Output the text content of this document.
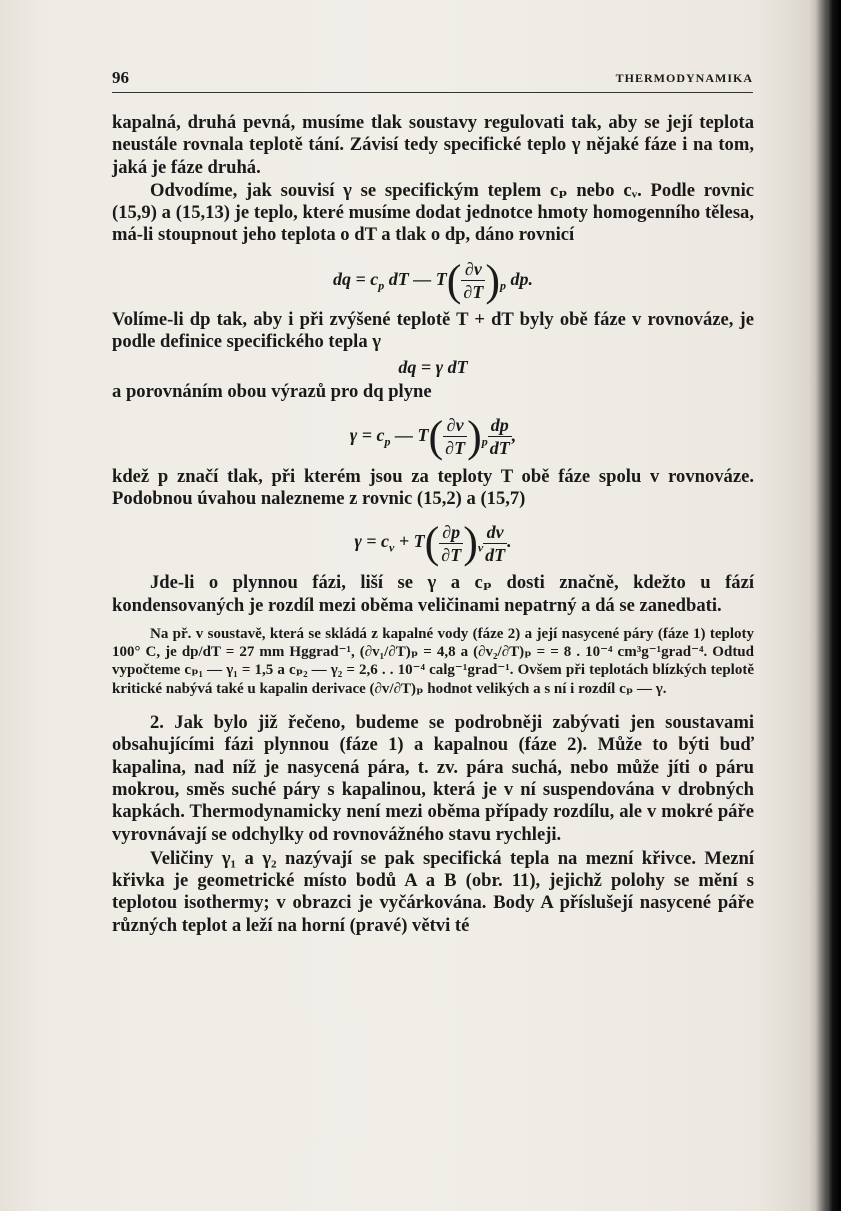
96	THERMODYNAMIKA

kapalná, druhá pevná, musíme tlak soustavy regulovati tak, aby se její teplota neustále rovnala teplotě tání. Závisí tedy specifické teplo γ nějaké fáze i na tom, jaká je fáze druhá.

Odvodíme, jak souvisí γ se specifickým teplem cₚ nebo cᵥ. Podle rovnic (15,9) a (15,13) je teplo, které musíme dodat jednotce hmoty homogenního tělesa, má-li stoupnout jeho teplota o dT a tlak o dp, dáno rovnicí

dq = $c_p$ dT — $T( \frac{\partial v}{\partial T} )_p$ dp.

Volíme-li dp tak, aby i při zvýšené teplotě T + dT byly obě fáze v rovnováze, je podle definice specifického tepla γ

dq = γ dT

a porovnáním obou výrazů pro dq plyne

$\gamma = c_p$ — $T( \frac{\partial v}{\partial T} )_p \frac{dp}{dT}$ ,

kdež p značí tlak, při kterém jsou za teploty T obě fáze spolu v rovnováze. Podobnou úvahou nalezneme z rovnic (15,2) a (15,7)

$\gamma = c_v + T( \frac{\partial p}{\partial T} )_v \frac{dv}{dT}$ .

Jde-li o plynnou fázi, liší se γ a cₚ dosti značně, kdežto u fází kondensovaných je rozdíl mezi oběma veličinami nepatrný a dá se zanedbati.

Na př. v soustavě, která se skládá z kapalné vody (fáze 2) a její nasycené páry (fáze 1) teploty 100° C, je dp/dT = 27 mm Hggrad⁻¹, (∂v₁/∂T)ₚ = 4,8 a (∂v₂/∂T)ₚ = = 8 . 10⁻⁴ cm³g⁻¹grad⁻⁴. Odtud vypočteme cₚ₁ — γ₁ = 1,5 a cₚ₂ — γ₂ = 2,6 . . 10⁻⁴ calg⁻¹grad⁻¹. Ovšem při teplotách blízkých teplotě kritické nabývá také u kapalin derivace (∂v/∂T)ₚ hodnot velikých a s ní i rozdíl cₚ — γ.

2. Jak bylo již řečeno, budeme se podrobněji zabývati jen soustavami obsahujícími fázi plynnou (fáze 1) a kapalnou (fáze 2). Může to býti buď kapalina, nad níž je nasycená pára, t. zv. pára suchá, nebo může jíti o páru mokrou, směs suché páry s kapalinou, která je v ní suspendována v drobných kapkách. Thermodynamicky není mezi oběma případy rozdílu, ale v mokré páře vyrovnávají se odchylky od rovnovážného stavu rychleji.

Veličiny γ₁ a γ₂ nazývají se pak specifická tepla na mezní křivce. Mezní křivka je geometrické místo bodů A a B (obr. 11), jejichž polohy se mění s teplotou isothermy; v obrazci je vyčárkována. Body A příslušejí nasycené páře různých teplot a leží na horní (pravé) větvi té
